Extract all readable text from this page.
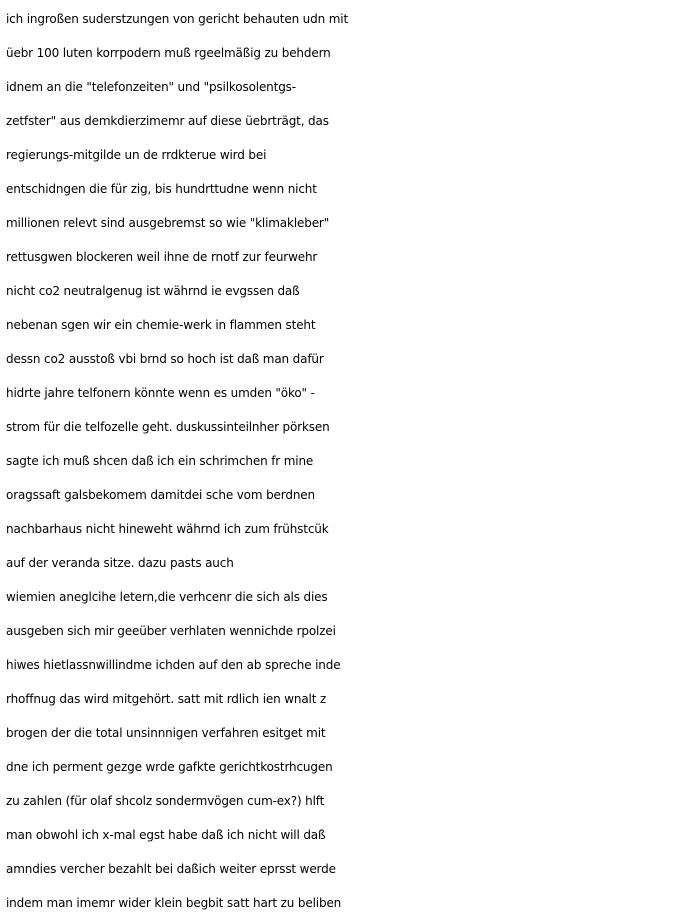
ich ingroßen suderstzungen von gericht behauten udn mit
üebr 100 luten korrpodern muß rgeelmäßig zu behdern
idnem an die "telefonzeiten" und "psilkosolentgs-
zetfster" aus demkdierzimemr auf diese üebrträgt, das
regierungs-mitgilde un de rrdkterue wird bei
entschidngen die für zig, bis hundrttudne wenn nicht
millionen relevt sind ausgebremst so wie "klimakleber"
rettusgwen blockeren weil ihne de rnotf zur feurwehr
nicht co2 neutralgenug ist währnd ie evgssen daß
nebenan sgen wir ein chemie-werk in flammen steht
dessn co2 ausstoß vbi brnd so hoch ist daß man dafür
hidrte jahre telfonern könnte wenn es umden "öko" -
strom für die telfozelle geht. duskussinteilnher pörksen
sagte ich muß shcen daß ich ein schrimchen fr mine
oragssaft galsbekomem damitdei sche vom berdnen
nachbarhaus nicht hineweht währnd ich zum frühstcük
auf der veranda sitze. dazu pasts auch
wiemien aneglcihe letern,die verhcenr die sich als dies
ausgeben sich mir geeüber verhlaten wennichde rpolzei
hiwes hietlassnwillindme ichden auf den ab spreche inde
rhoffnug das wird mitgehört. satt mit rdlich ien wnalt z
brogen der die total unsinnnigen verfahren esitget mit
dne ich perment gezge wrde gafkte gerichtkostrhcugen
zu zahlen (für olaf shcolz sondermvögen cum-ex?) hlft
man obwohl ich x-mal egst habe daß ich nicht will daß
amndies vercher bezahlt bei daßich weiter eprsst werde
indem man imemr wider klein begbit satt hart zu beliben
